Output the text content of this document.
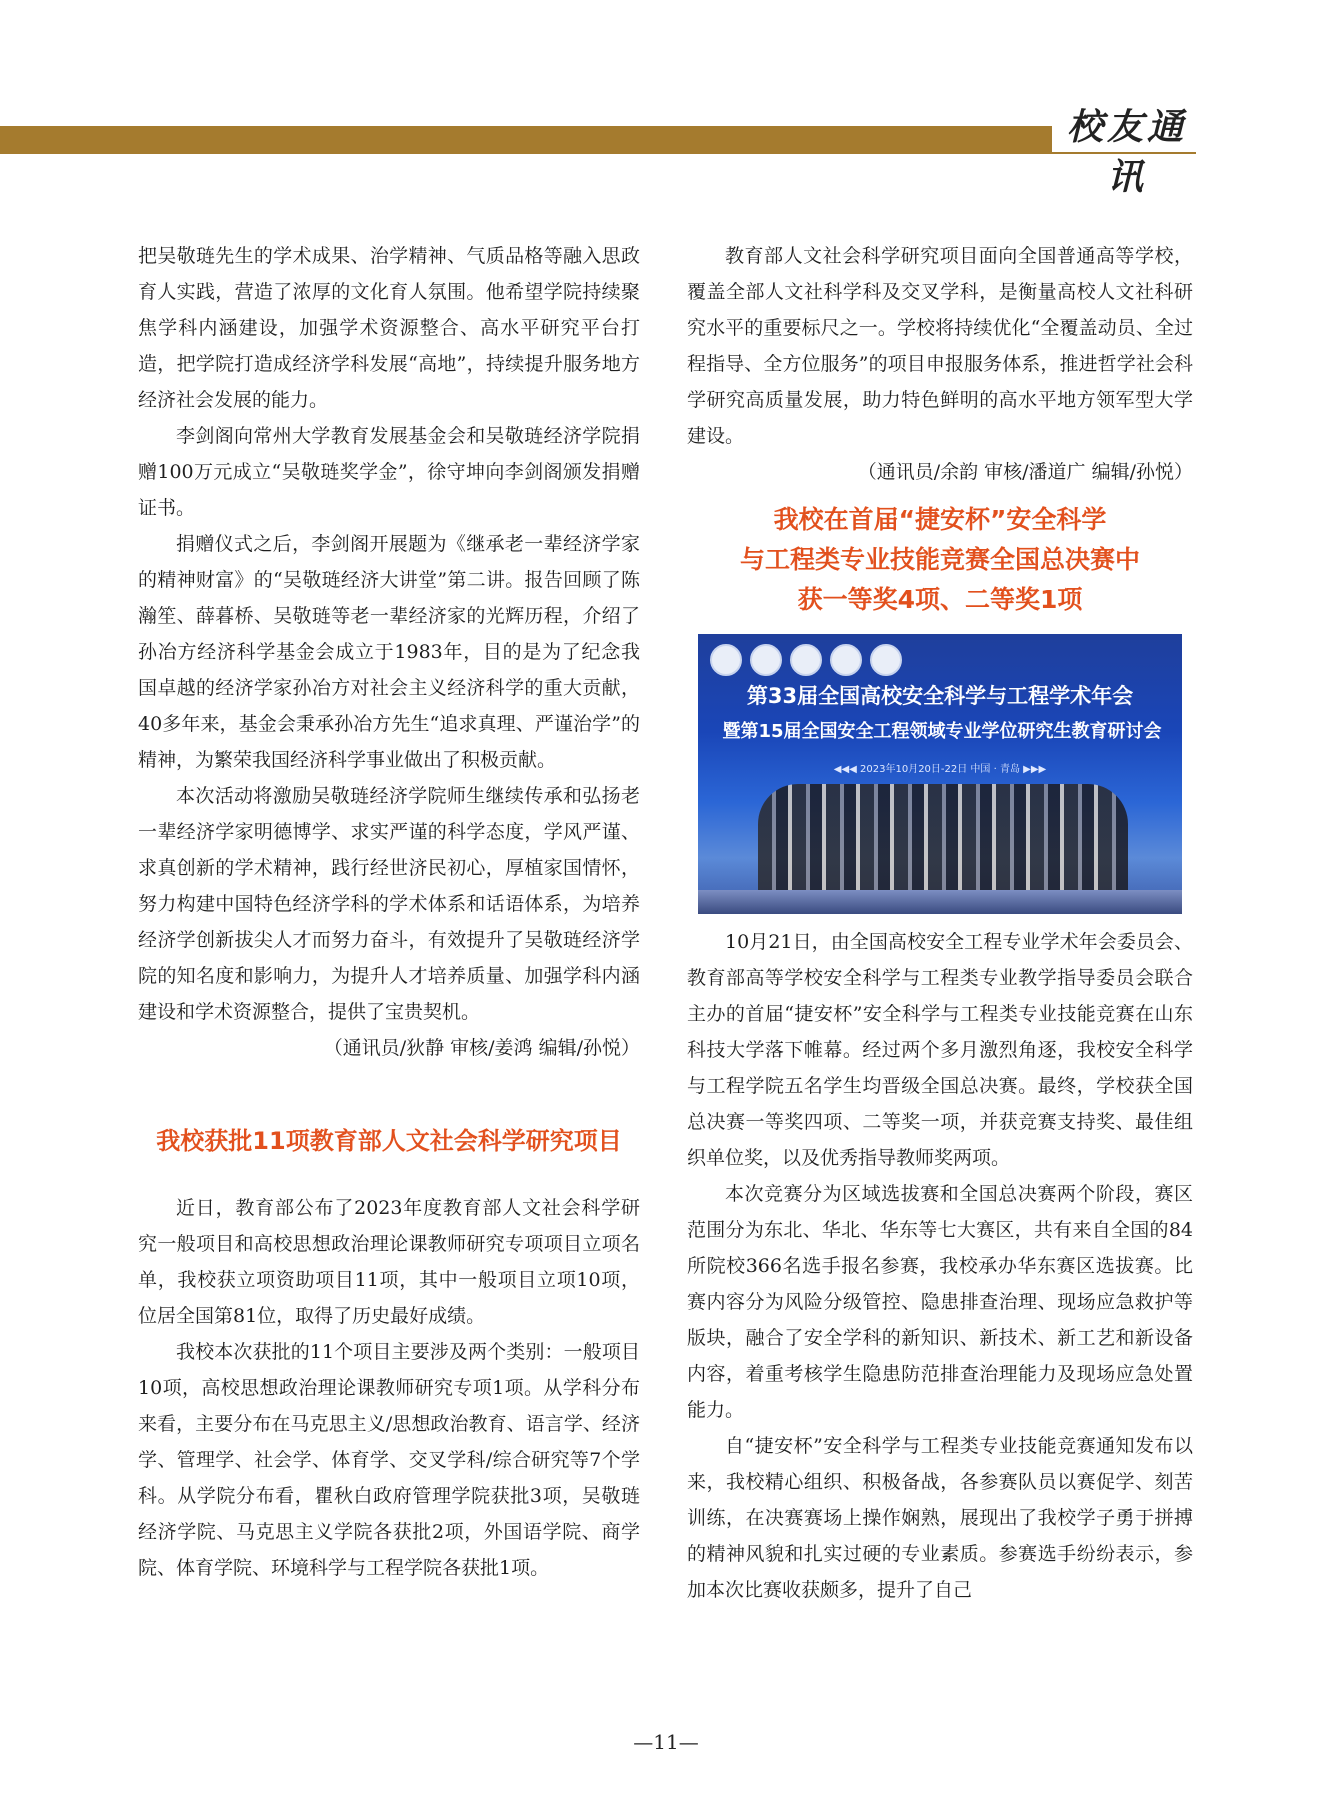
校友通讯

把吴敬琏先生的学术成果、治学精神、气质品格等融入思政育人实践，营造了浓厚的文化育人氛围。他希望学院持续聚焦学科内涵建设，加强学术资源整合、高水平研究平台打造，把学院打造成经济学科发展“高地”，持续提升服务地方经济社会发展的能力。

李剑阁向常州大学教育发展基金会和吴敬琏经济学院捐赠100万元成立“吴敬琏奖学金”，徐守坤向李剑阁颁发捐赠证书。

捐赠仪式之后，李剑阁开展题为《继承老一辈经济学家的精神财富》的“吴敬琏经济大讲堂”第二讲。报告回顾了陈瀚笙、薛暮桥、吴敬琏等老一辈经济家的光辉历程，介绍了孙冶方经济科学基金会成立于1983年，目的是为了纪念我国卓越的经济学家孙冶方对社会主义经济科学的重大贡献，40多年来，基金会秉承孙冶方先生“追求真理、严谨治学”的精神，为繁荣我国经济科学事业做出了积极贡献。

本次活动将激励吴敬琏经济学院师生继续传承和弘扬老一辈经济学家明德博学、求实严谨的科学态度，学风严谨、求真创新的学术精神，践行经世济民初心，厚植家国情怀，努力构建中国特色经济学科的学术体系和话语体系，为培养经济学创新拔尖人才而努力奋斗，有效提升了吴敬琏经济学院的知名度和影响力，为提升人才培养质量、加强学科内涵建设和学术资源整合，提供了宝贵契机。

（通讯员/狄静 审核/姜鸿 编辑/孙悦）

我校获批11项教育部人文社会科学研究项目

近日，教育部公布了2023年度教育部人文社会科学研究一般项目和高校思想政治理论课教师研究专项项目立项名单，我校获立项资助项目11项，其中一般项目立项10项，位居全国第81位，取得了历史最好成绩。

我校本次获批的11个项目主要涉及两个类别：一般项目10项，高校思想政治理论课教师研究专项1项。从学科分布来看，主要分布在马克思主义/思想政治教育、语言学、经济学、管理学、社会学、体育学、交叉学科/综合研究等7个学科。从学院分布看，瞿秋白政府管理学院获批3项，吴敬琏经济学院、马克思主义学院各获批2项，外国语学院、商学院、体育学院、环境科学与工程学院各获批1项。

教育部人文社会科学研究项目面向全国普通高等学校，覆盖全部人文社科学科及交叉学科，是衡量高校人文社科研究水平的重要标尺之一。学校将持续优化“全覆盖动员、全过程指导、全方位服务”的项目申报服务体系，推进哲学社会科学研究高质量发展，助力特色鲜明的高水平地方领军型大学建设。

（通讯员/余韵 审核/潘道广 编辑/孙悦）

我校在首届“捷安杯”安全科学
与工程类专业技能竞赛全国总决赛中
获一等奖4项、二等奖1项
第33届全国高校安全科学与工程学术年会
暨第15届全国安全工程领域专业学位研究生教育研讨会
◀◀◀ 2023年10月20日-22日 中国 · 青岛 ▶▶▶

10月21日，由全国高校安全工程专业学术年会委员会、教育部高等学校安全科学与工程类专业教学指导委员会联合主办的首届“捷安杯”安全科学与工程类专业技能竞赛在山东科技大学落下帷幕。经过两个多月激烈角逐，我校安全科学与工程学院五名学生均晋级全国总决赛。最终，学校获全国总决赛一等奖四项、二等奖一项，并获竞赛支持奖、最佳组织单位奖，以及优秀指导教师奖两项。

本次竞赛分为区域选拔赛和全国总决赛两个阶段，赛区范围分为东北、华北、华东等七大赛区，共有来自全国的84所院校366名选手报名参赛，我校承办华东赛区选拔赛。比赛内容分为风险分级管控、隐患排查治理、现场应急救护等版块，融合了安全学科的新知识、新技术、新工艺和新设备内容，着重考核学生隐患防范排查治理能力及现场应急处置能力。

自“捷安杯”安全科学与工程类专业技能竞赛通知发布以来，我校精心组织、积极备战，各参赛队员以赛促学、刻苦训练，在决赛赛场上操作娴熟，展现出了我校学子勇于拼搏的精神风貌和扎实过硬的专业素质。参赛选手纷纷表示，参加本次比赛收获颇多，提升了自己

—11—
